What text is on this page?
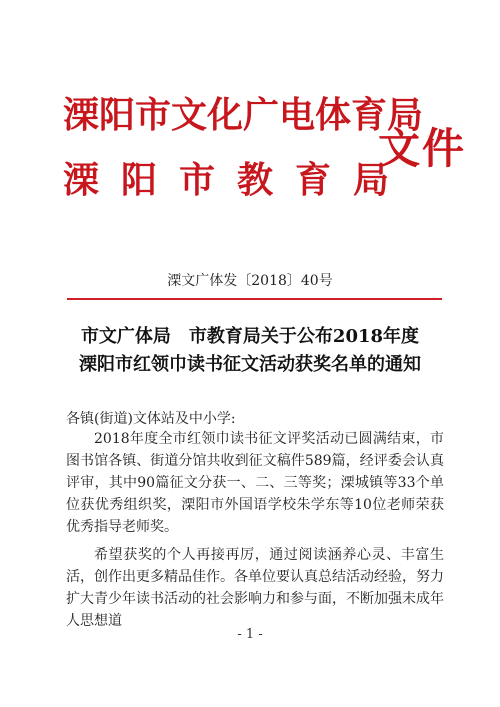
溧阳市文化广电体育局
溧阳市教育局
文件
溧文广体发〔2018〕40号
市文广体局　市教育局关于公布2018年度
溧阳市红领巾读书征文活动获奖名单的通知
各镇(街道)文体站及中小学:

2018年度全市红领巾读书征文评奖活动已圆满结束，市图书馆各镇、街道分馆共收到征文稿件589篇，经评委会认真评审，其中90篇征文分获一、二、三等奖；溧城镇等33个单位获优秀组织奖，溧阳市外国语学校朱学东等10位老师荣获优秀指导老师奖。

希望获奖的个人再接再厉，通过阅读涵养心灵、丰富生活，创作出更多精品佳作。各单位要认真总结活动经验，努力扩大青少年读书活动的社会影响力和参与面，不断加强未成年人思想道

- 1 -
